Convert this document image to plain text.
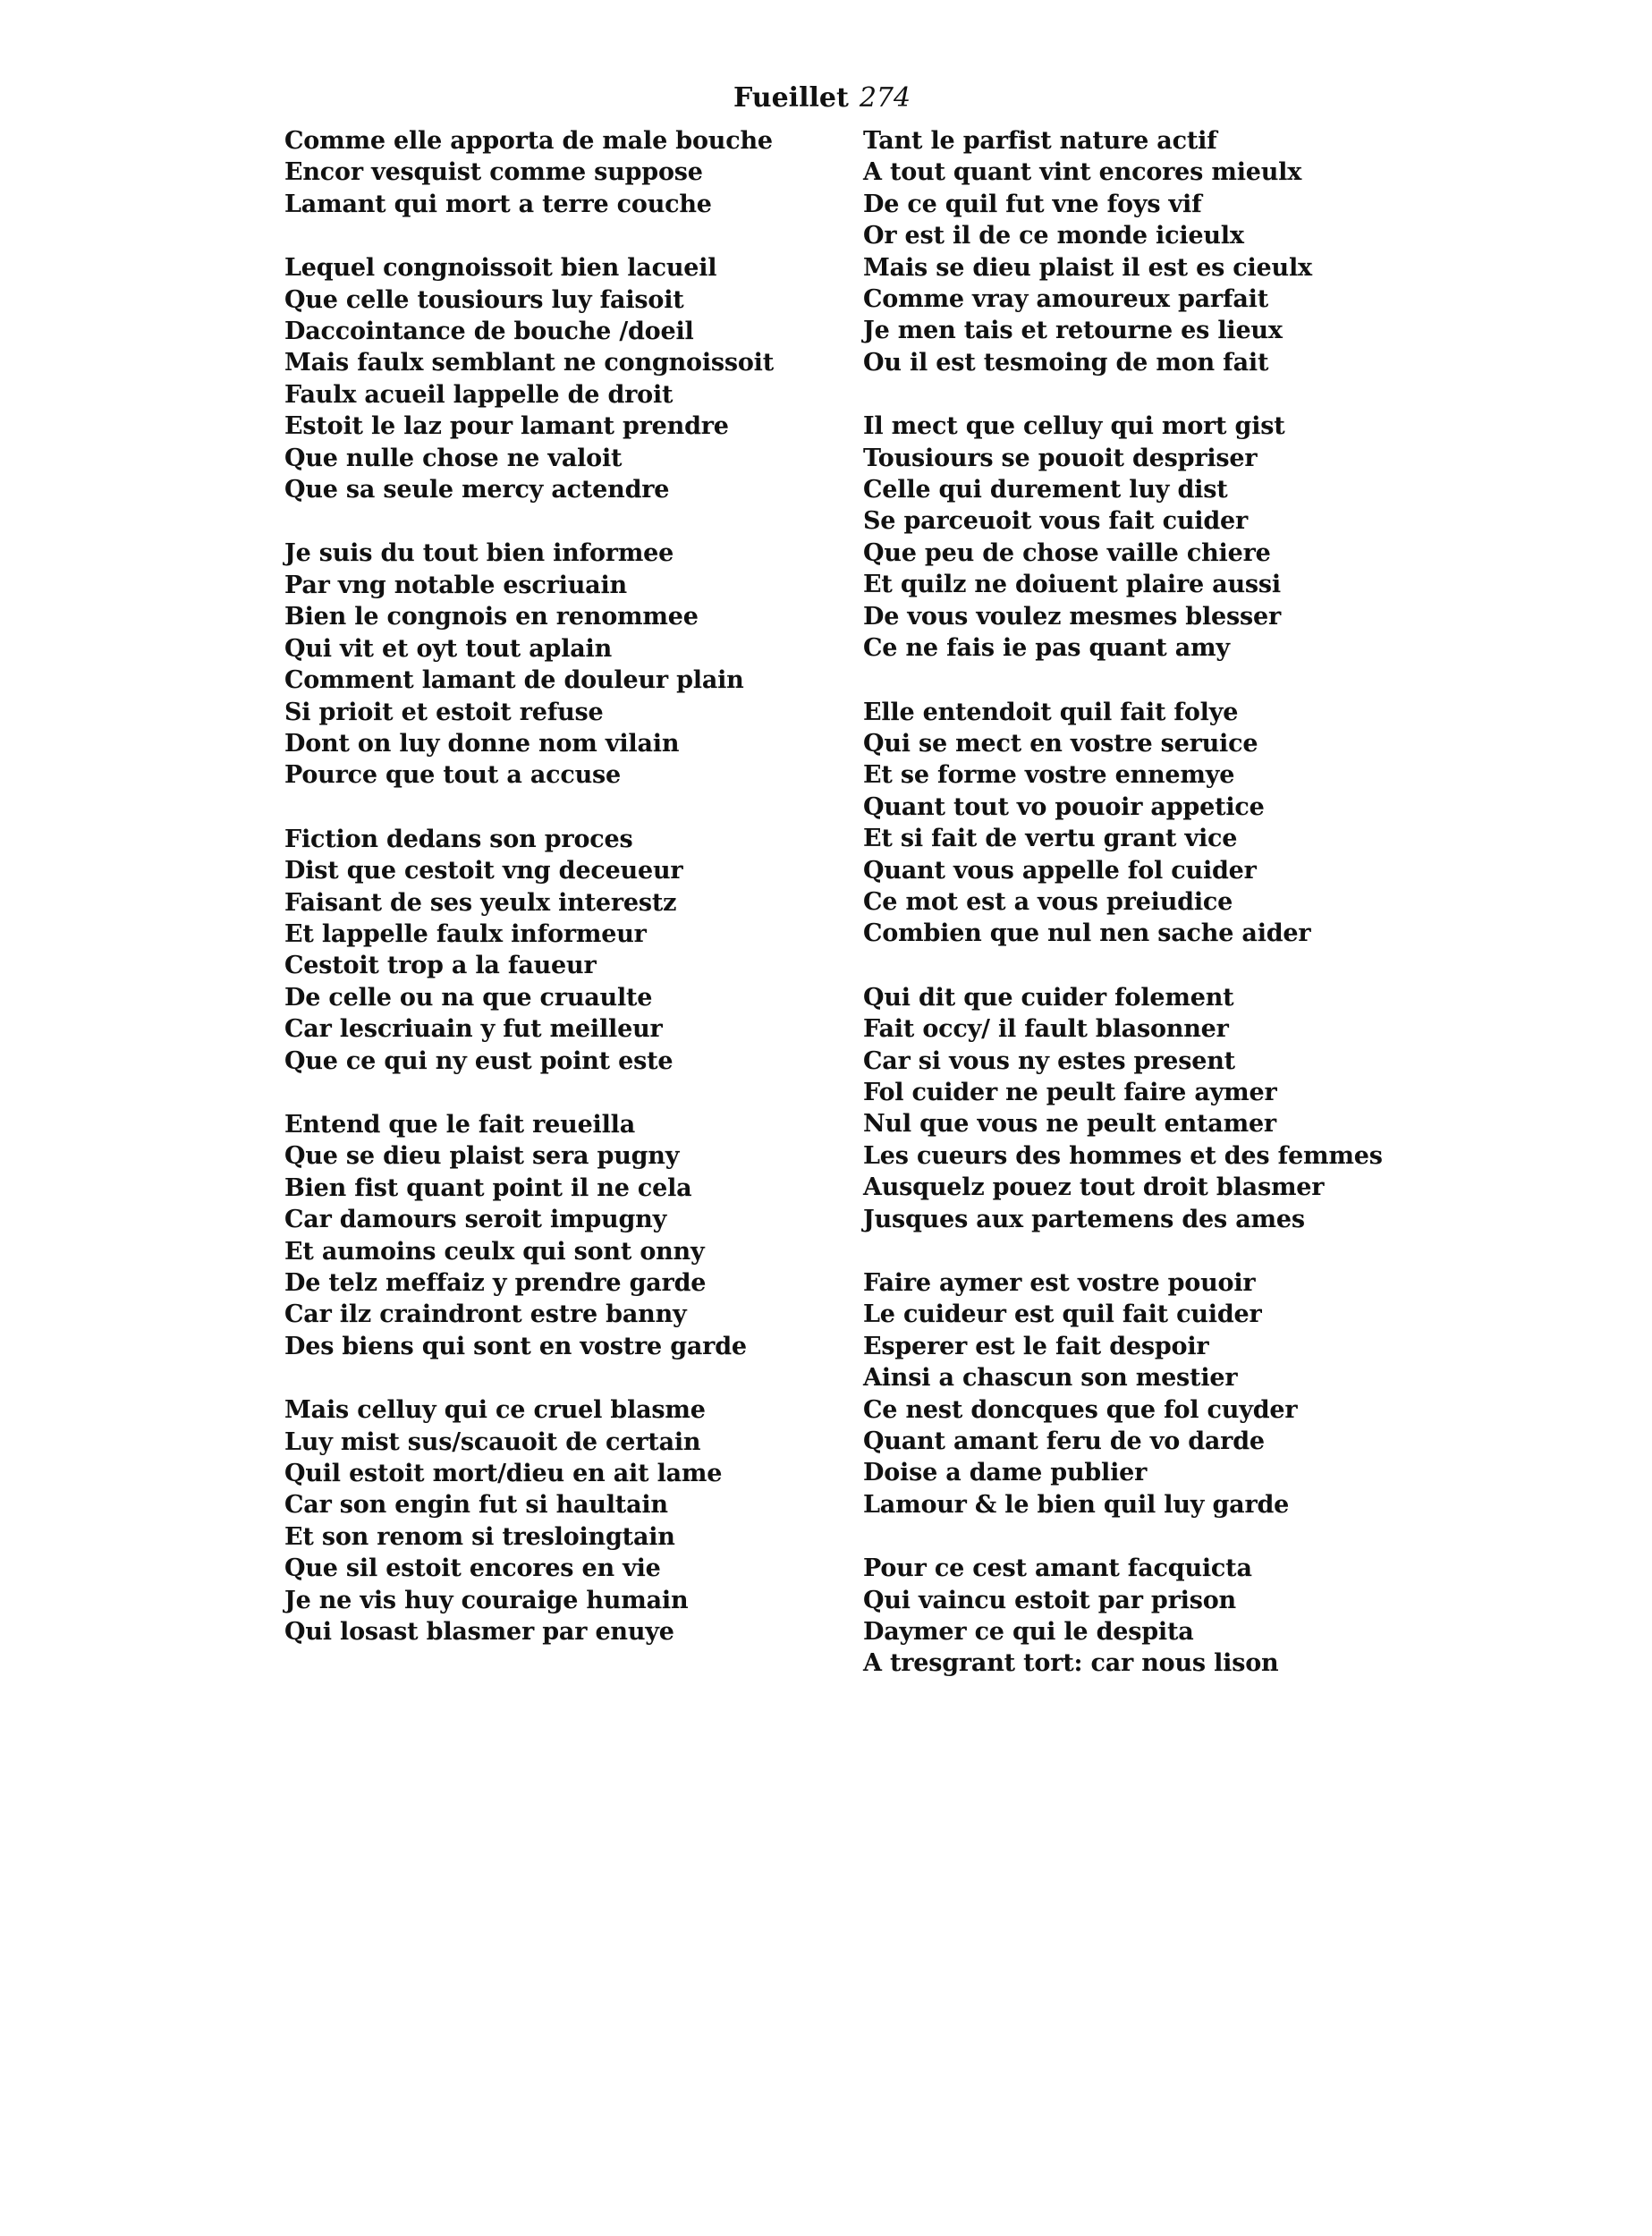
Fueillet 274
Comme elle apporta de male bouche
Encor vesquist comme suppose
Lamant qui mort a terre couche
Lequel congnoissoit bien lacueil
Que celle tousiours luy faisoit
Daccointance de bouche /doeil
Mais faulx semblant ne congnoissoit
Faulx acueil lappelle de droit
Estoit le laz pour lamant prendre
Que nulle chose ne valoit
Que sa seule mercy actendre
Je suis du tout bien informee
Par vng notable escriuain
Bien le congnois en renommee
Qui vit et oyt tout aplain
Comment lamant de douleur plain
Si prioit et estoit refuse
Dont on luy donne nom vilain
Pource que tout a accuse
Fiction dedans son proces
Dist que cestoit vng deceueur
Faisant de ses yeulx interestz
Et lappelle faulx informeur
Cestoit trop a la faueur
De celle ou na que cruaulte
Car lescriuain y fut meilleur
Que ce qui ny eust point este
Entend que le fait reueilla
Que se dieu plaist sera pugny
Bien fist quant point il ne cela
Car damours seroit impugny
Et aumoins ceulx qui sont onny
De telz meffaiz y prendre garde
Car ilz craindront estre banny
Des biens qui sont en vostre garde
Mais celluy qui ce cruel blasme
Luy mist sus/scauoit de certain
Quil estoit mort/dieu en ait lame
Car son engin fut si haultain
Et son renom si tresloingtain
Que sil estoit encores en vie
Je ne vis huy couraige humain
Qui losast blasmer par enuye
Tant le parfist nature actif
A tout quant vint encores mieulx
De ce quil fut vne foys vif
Or est il de ce monde icieulx
Mais se dieu plaist il est es cieulx
Comme vray amoureux parfait
Je men tais et retourne es lieux
Ou il est tesmoing de mon fait
Il mect que celluy qui mort gist
Tousiours se pouoit despriser
Celle qui durement luy dist
Se parceuoit vous fait cuider
Que peu de chose vaille chiere
Et quilz ne doiuent plaire aussi
De vous voulez mesmes blesser
Ce ne fais ie pas quant amy
Elle entendoit quil fait folye
Qui se mect en vostre seruice
Et se forme vostre ennemye
Quant tout vo pouoir appetice
Et si fait de vertu grant vice
Quant vous appelle fol cuider
Ce mot est a vous preiudice
Combien que nul nen sache aider
Qui dit que cuider folement
Fait occy/ il fault blasonner
Car si vous ny estes present
Fol cuider ne peult faire aymer
Nul que vous ne peult entamer
Les cueurs des hommes et des femmes
Ausquelz pouez tout droit blasmer
Jusques aux partemens des ames
Faire aymer est vostre pouoir
Le cuideur est quil fait cuider
Esperer est le fait despoir
Ainsi a chascun son mestier
Ce nest doncques que fol cuyder
Quant amant feru de vo darde
Doise a dame publier
Lamour & le bien quil luy garde
Pour ce cest amant facquicta
Qui vaincu estoit par prison
Daymer ce qui le despita
A tresgrant tort: car nous lison
